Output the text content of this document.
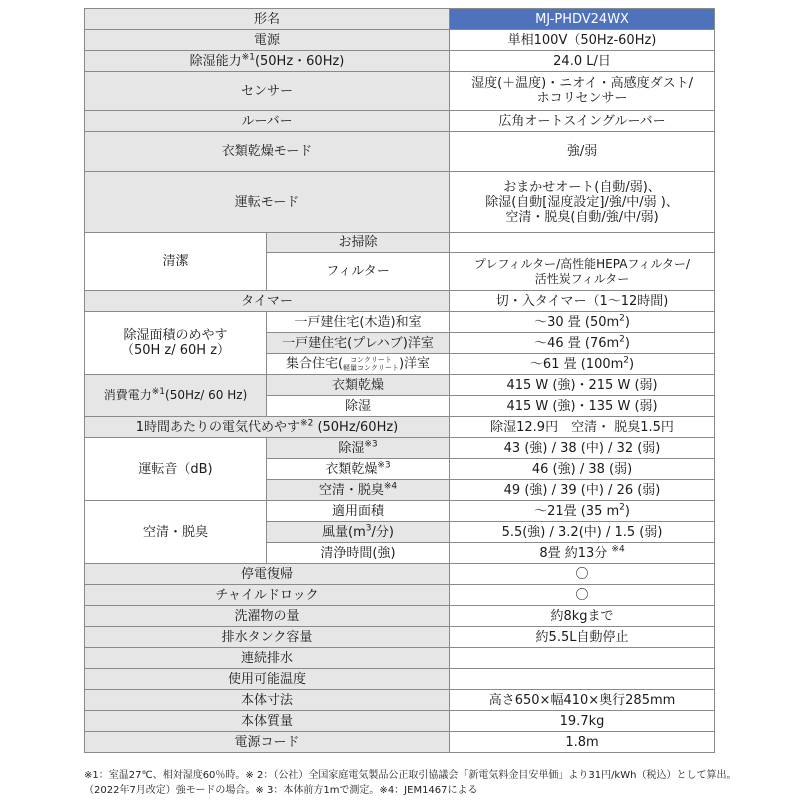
形名		MJ-PHDV24WX
電源		単相100V（50Hz-60Hz)
除湿能力$^{※1}$(50Hz・60Hz)		24.0 L/日
センサー		湿度(＋温度)・ニオイ・高感度ダスト/
ホコリセンサー

ルーバー		広角オートスイングルーバー
衣類乾燥モード		強/弱
運転モード		おまかせオート(自動/弱)、
除湿(自動[湿度設定]/強/中/弱 )、
空清・脱臭(自動/強/中/弱)

清潔	お掃除	
	フィルター	プレフィルター/高性能HEPAフィルター/
活性炭フィルター

タイマー		切・入タイマー（1〜12時間)

除湿面積のめやす
（50H z/ 60H z）	一戸建住宅(木造)和室	〜30 畳 $(50m^2)$
	一戸建住宅(プレハブ)洋室	〜46 畳 $(76m^2)$
	集合住宅( コンクリート
軽量コンクリート)洋室	〜61 畳 $(100m^2)$
消費電力$^{※1}$(50Hz/ 60 Hz)	衣類乾燥	415 W (強)・215 W (弱)
	除湿	415 W (強)・135 W (弱)
1時間あたりの電気代めやす$^{※2}$ (50Hz/60Hz)		除湿12.9円　空清・ 脱臭1.5円
運転音（dB)	除湿$^{※3}$	43 (強) / 38 (中) / 32 (弱)
	衣類乾燥$^{※3}$	46 (強) / 38 (弱)
	空清・脱臭$^{※4}$	49 (強) / 39 (中) / 26 (弱)
空清・脱臭	適用面積	〜21畳 (35 $m^2$)
	風量($m^3/$分)	5.5(強) / 3.2(中) / 1.5 (弱)
	清浄時間(強)	8畳 約13分 $^{※4}$
停電復帰		〇
チャイルドロック		〇
洗濯物の量		約8kgまで
排水タンク容量		約5.5L自動停止
連続排水		
使用可能温度		
本体寸法		高さ650×幅410×奥行285mm
本体質量		19.7kg
電源コード		1.8m
※1：室温27℃、相対湿度60％時。※ 2：（公社）全国家庭電気製品公正取引協議会「新電気料金目安単価」より31円/kWh（税込）として算出。
（2022年7月改定）強モードの場合。※ 3：本体前方1mで測定。※4：JEM1467による
